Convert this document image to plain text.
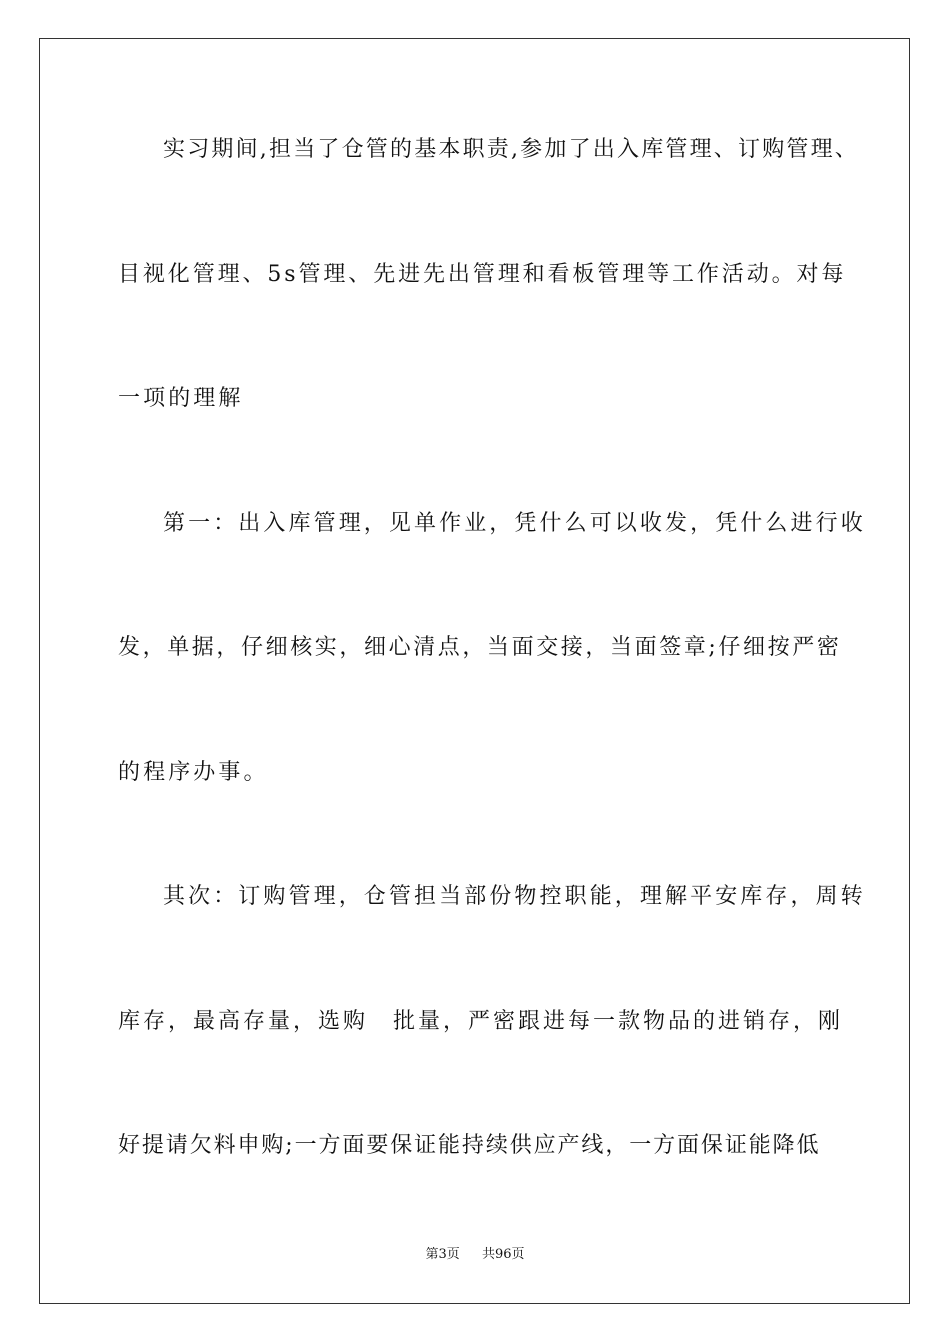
实习期间,担当了仓管的基本职责,参加了出入库管理、订购管理、
目视化管理、5s管理、先进先出管理和看板管理等工作活动。对每
一项的理解
第一：出入库管理，见单作业，凭什么可以收发，凭什么进行收
发，单据，仔细核实，细心清点，当面交接，当面签章;仔细按严密
的程序办事。
其次：订购管理，仓管担当部份物控职能，理解平安库存，周转
库存，最高存量，选购　批量，严密跟进每一款物品的进销存，刚
好提请欠料申购;一方面要保证能持续供应产线，一方面保证能降低
第3页 共96页
